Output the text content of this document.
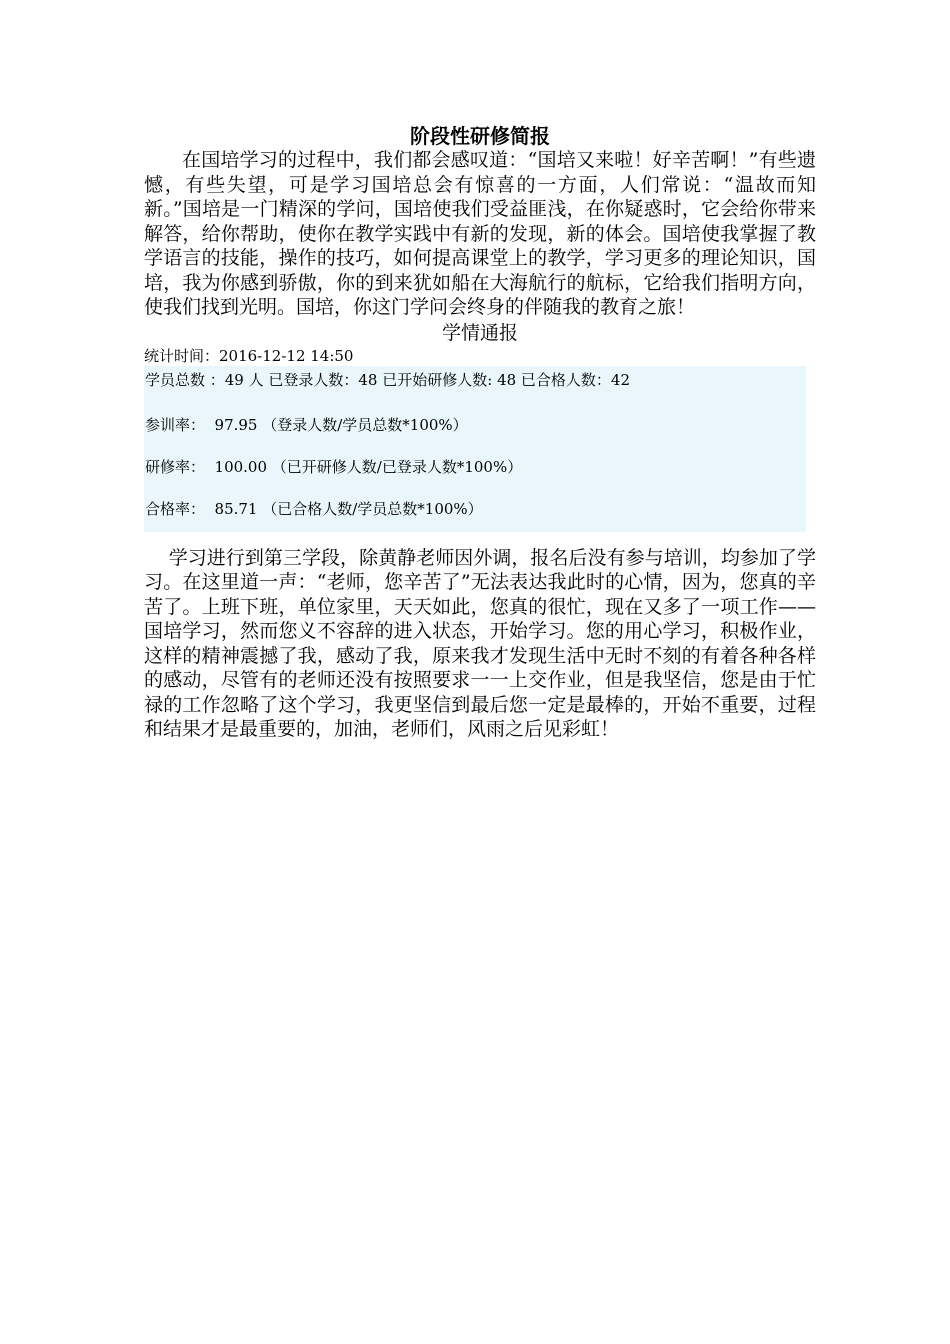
阶段性研修简报

在国培学习的过程中，我们都会感叹道：“国培又来啦！好辛苦啊！”有些遗憾，有些失望，可是学习国培总会有惊喜的一方面，人们常说：“温故而知新。”国培是一门精深的学问，国培使我们受益匪浅，在你疑惑时，它会给你带来解答，给你帮助，使你在教学实践中有新的发现，新的体会。国培使我掌握了教学语言的技能，操作的技巧，如何提高课堂上的教学，学习更多的理论知识，国培，我为你感到骄傲，你的到来犹如船在大海航行的航标，它给我们指明方向，使我们找到光明。国培，你这门学问会终身的伴随我的教育之旅！

学情通报

统计时间：2016-12-12 14:50

学员总数 ：49 人 已登录人数：48 已开始研修人数: 48 已合格人数：42

参训率：  97.95 （登录人数/学员总数*100%）

研修率：  100.00 （已开研修人数/已登录人数*100%）

合格率：  85.71 （已合格人数/学员总数*100%）

学习进行到第三学段，除黄静老师因外调，报名后没有参与培训，均参加了学习。在这里道一声：“老师，您辛苦了”无法表达我此时的心情，因为，您真的辛苦了。上班下班，单位家里，天天如此，您真的很忙，现在又多了一项工作——国培学习，然而您义不容辞的进入状态，开始学习。您的用心学习，积极作业，这样的精神震撼了我，感动了我，原来我才发现生活中无时不刻的有着各种各样的感动，尽管有的老师还没有按照要求一一上交作业，但是我坚信，您是由于忙禄的工作忽略了这个学习，我更坚信到最后您一定是最棒的，开始不重要，过程和结果才是最重要的，加油，老师们，风雨之后见彩虹！
